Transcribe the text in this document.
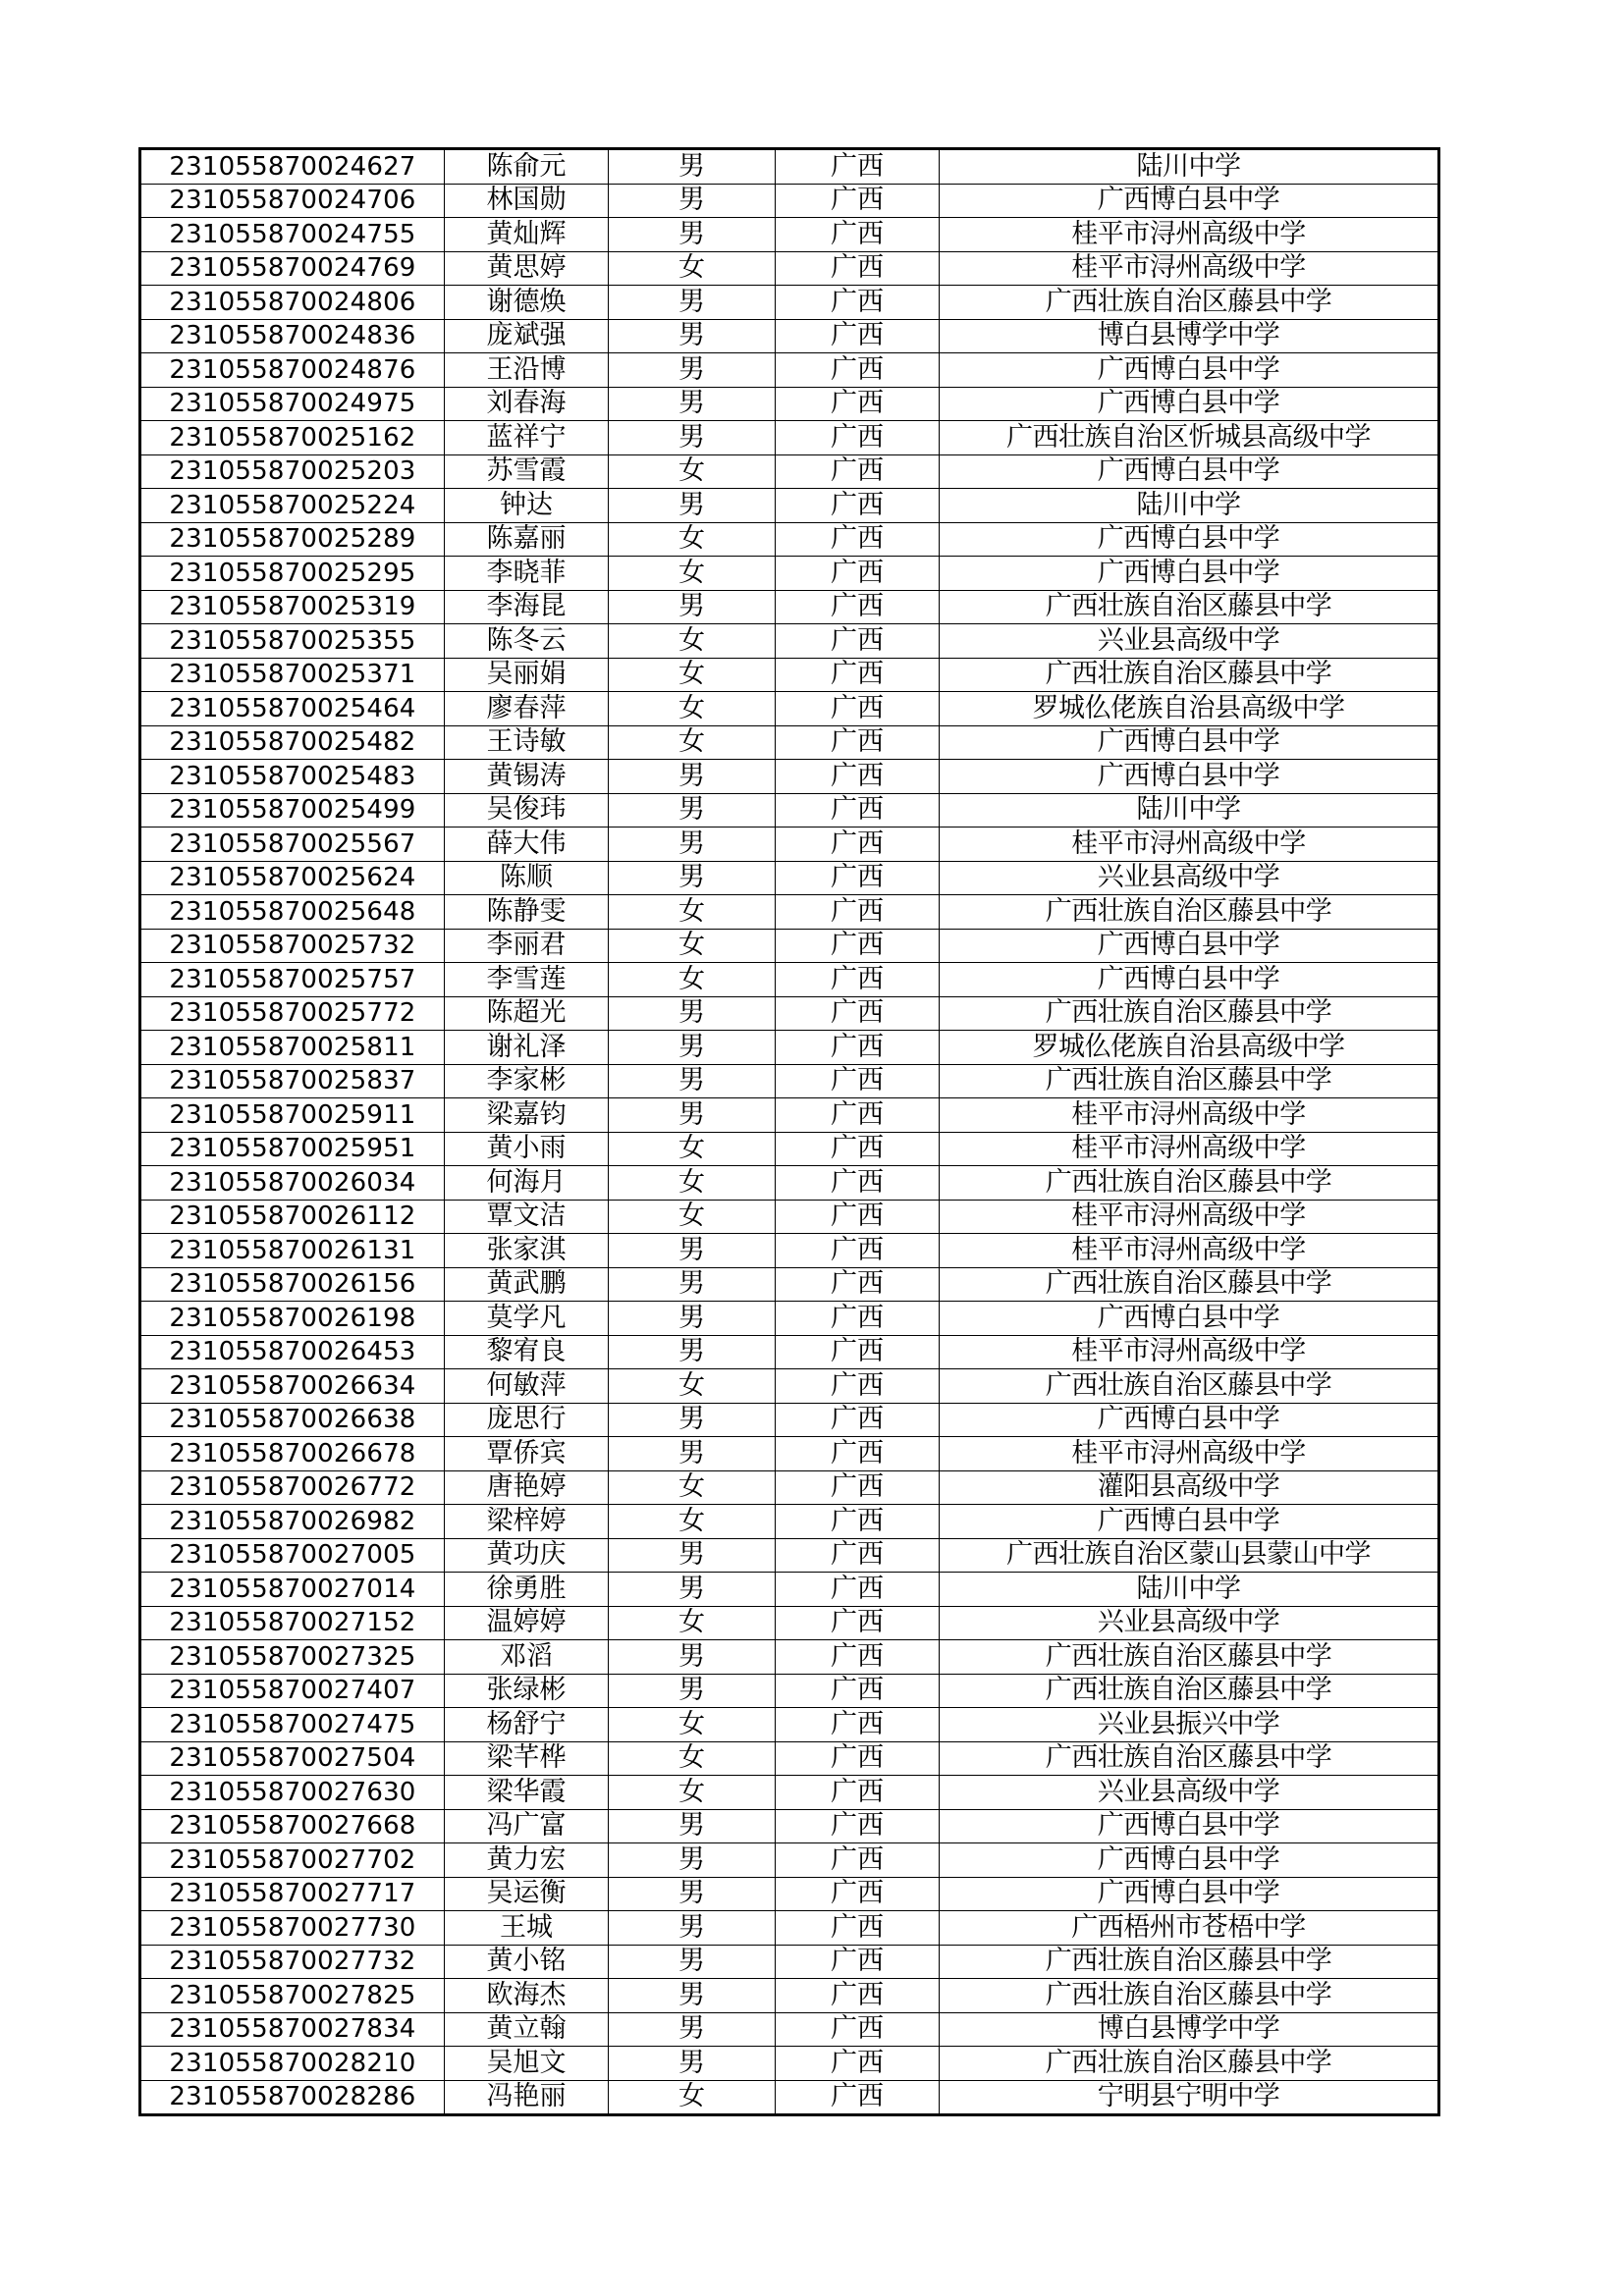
231055870024627	陈俞元	男	广西	陆川中学
231055870024706	林国勋	男	广西	广西博白县中学
231055870024755	黄灿辉	男	广西	桂平市浔州高级中学
231055870024769	黄思婷	女	广西	桂平市浔州高级中学
231055870024806	谢德焕	男	广西	广西壮族自治区藤县中学
231055870024836	庞斌强	男	广西	博白县博学中学
231055870024876	王沿博	男	广西	广西博白县中学
231055870024975	刘春海	男	广西	广西博白县中学
231055870025162	蓝祥宁	男	广西	广西壮族自治区忻城县高级中学
231055870025203	苏雪霞	女	广西	广西博白县中学
231055870025224	钟达	男	广西	陆川中学
231055870025289	陈嘉丽	女	广西	广西博白县中学
231055870025295	李晓菲	女	广西	广西博白县中学
231055870025319	李海昆	男	广西	广西壮族自治区藤县中学
231055870025355	陈冬云	女	广西	兴业县高级中学
231055870025371	吴丽娟	女	广西	广西壮族自治区藤县中学
231055870025464	廖春萍	女	广西	罗城仫佬族自治县高级中学
231055870025482	王诗敏	女	广西	广西博白县中学
231055870025483	黄锡涛	男	广西	广西博白县中学
231055870025499	吴俊玮	男	广西	陆川中学
231055870025567	薛大伟	男	广西	桂平市浔州高级中学
231055870025624	陈顺	男	广西	兴业县高级中学
231055870025648	陈静雯	女	广西	广西壮族自治区藤县中学
231055870025732	李丽君	女	广西	广西博白县中学
231055870025757	李雪莲	女	广西	广西博白县中学
231055870025772	陈超光	男	广西	广西壮族自治区藤县中学
231055870025811	谢礼泽	男	广西	罗城仫佬族自治县高级中学
231055870025837	李家彬	男	广西	广西壮族自治区藤县中学
231055870025911	梁嘉钧	男	广西	桂平市浔州高级中学
231055870025951	黄小雨	女	广西	桂平市浔州高级中学
231055870026034	何海月	女	广西	广西壮族自治区藤县中学
231055870026112	覃文洁	女	广西	桂平市浔州高级中学
231055870026131	张家淇	男	广西	桂平市浔州高级中学
231055870026156	黄武鹏	男	广西	广西壮族自治区藤县中学
231055870026198	莫学凡	男	广西	广西博白县中学
231055870026453	黎宥良	男	广西	桂平市浔州高级中学
231055870026634	何敏萍	女	广西	广西壮族自治区藤县中学
231055870026638	庞思行	男	广西	广西博白县中学
231055870026678	覃侨宾	男	广西	桂平市浔州高级中学
231055870026772	唐艳婷	女	广西	灌阳县高级中学
231055870026982	梁梓婷	女	广西	广西博白县中学
231055870027005	黄功庆	男	广西	广西壮族自治区蒙山县蒙山中学
231055870027014	徐勇胜	男	广西	陆川中学
231055870027152	温婷婷	女	广西	兴业县高级中学
231055870027325	邓滔	男	广西	广西壮族自治区藤县中学
231055870027407	张绿彬	男	广西	广西壮族自治区藤县中学
231055870027475	杨舒宁	女	广西	兴业县振兴中学
231055870027504	梁芊桦	女	广西	广西壮族自治区藤县中学
231055870027630	梁华霞	女	广西	兴业县高级中学
231055870027668	冯广富	男	广西	广西博白县中学
231055870027702	黄力宏	男	广西	广西博白县中学
231055870027717	吴运衡	男	广西	广西博白县中学
231055870027730	王城	男	广西	广西梧州市苍梧中学
231055870027732	黄小铭	男	广西	广西壮族自治区藤县中学
231055870027825	欧海杰	男	广西	广西壮族自治区藤县中学
231055870027834	黄立翰	男	广西	博白县博学中学
231055870028210	吴旭文	男	广西	广西壮族自治区藤县中学
231055870028286	冯艳丽	女	广西	宁明县宁明中学
